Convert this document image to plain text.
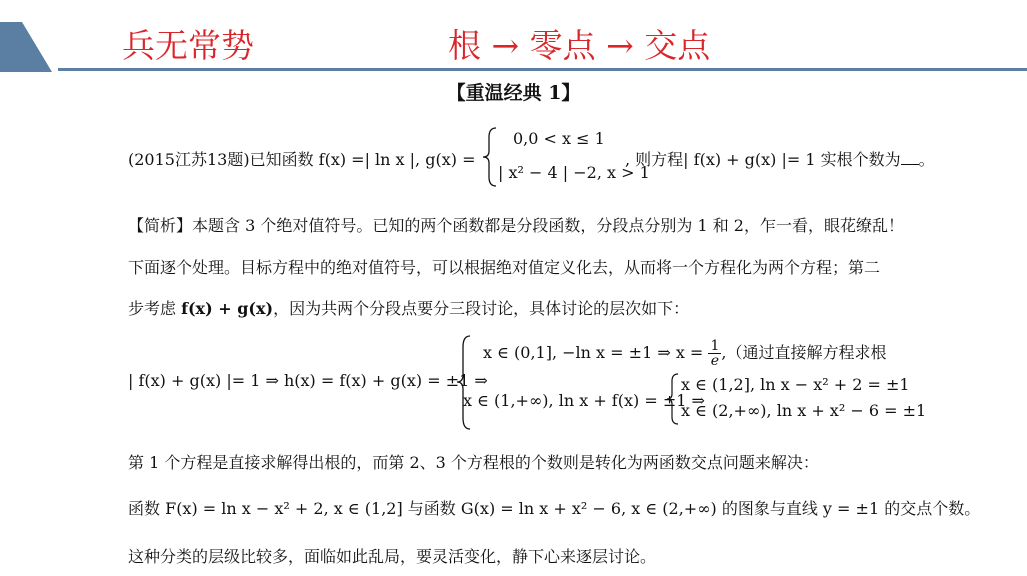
兵无常势	根 → 零点 → 交点
【重温经典 1】
(2015江苏13题)已知函数 f(x) =| ln x |, g(x) =
0,0 < x ≤ 1
| x² − 4 | −2, x > 1
, 则方程| f(x) + g(x) |= 1 实根个数为 。
【简析】本题含 3 个绝对值符号。已知的两个函数都是分段函数，分段点分别为 1 和 2，乍一看，眼花缭乱！
下面逐个处理。目标方程中的绝对值符号，可以根据绝对值定义化去，从而将一个方程化为两个方程；第二
步考虑 f(x) + g(x)，因为共两个分段点要分三段讨论，具体讨论的层次如下：
| f(x) + g(x) |= 1 ⇒ h(x) = f(x) + g(x) = ±1 ⇒
x ∈ (0,1], −ln x = ±1 ⇒ $x = \frac{1}{e}$ ,（通过直接解方程求根
x ∈ (1,+∞), ln x + f(x) = ±1 ⇒
x ∈ (1,2], ln x − x² + 2 = ±1
x ∈ (2,+∞), ln x + x² − 6 = ±1
第 1 个方程是直接求解得出根的，而第 2、3 个方程根的个数则是转化为两函数交点问题来解决：
函数 F(x) = ln x − x² + 2, x ∈ (1,2] 与函数 G(x) = ln x + x² − 6, x ∈ (2,+∞) 的图象与直线 y = ±1 的交点个数。
这种分类的层级比较多，面临如此乱局，要灵活变化，静下心来逐层讨论。
